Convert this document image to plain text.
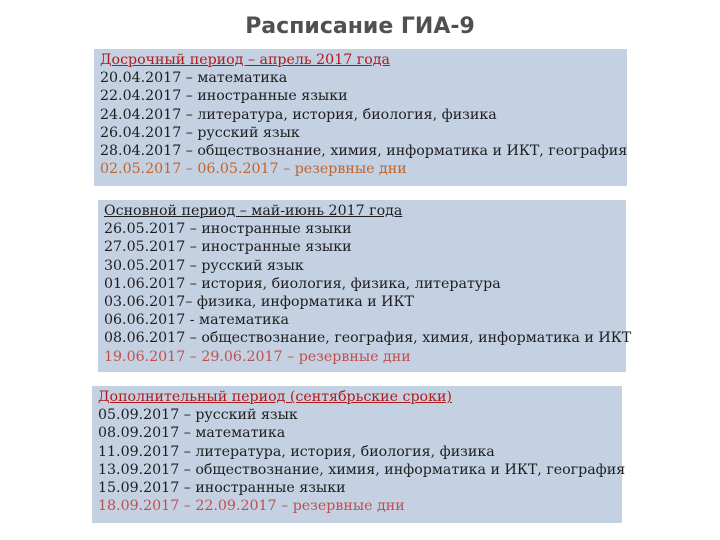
Расписание ГИА-9
Досрочный период – апрель 2017 года
20.04.2017 – математика
22.04.2017 – иностранные языки
24.04.2017 – литература, история, биология, физика
26.04.2017 – русский язык
28.04.2017 – обществознание, химия, информатика и ИКТ, география
02.05.2017 – 06.05.2017 – резервные дни
Основной период – май-июнь 2017 года
26.05.2017 – иностранные языки
27.05.2017 – иностранные языки
30.05.2017 – русский язык
01.06.2017 – история, биология, физика, литература
03.06.2017– физика, информатика и ИКТ
06.06.2017 - математика
08.06.2017 – обществознание, география, химия, информатика и ИКТ
19.06.2017 – 29.06.2017 – резервные дни
Дополнительный период (сентябрьские сроки)
05.09.2017 – русский язык
08.09.2017 – математика
11.09.2017 – литература, история, биология, физика
13.09.2017 – обществознание, химия, информатика и ИКТ, география
15.09.2017 – иностранные языки
18.09.2017 – 22.09.2017 – резервные дни
